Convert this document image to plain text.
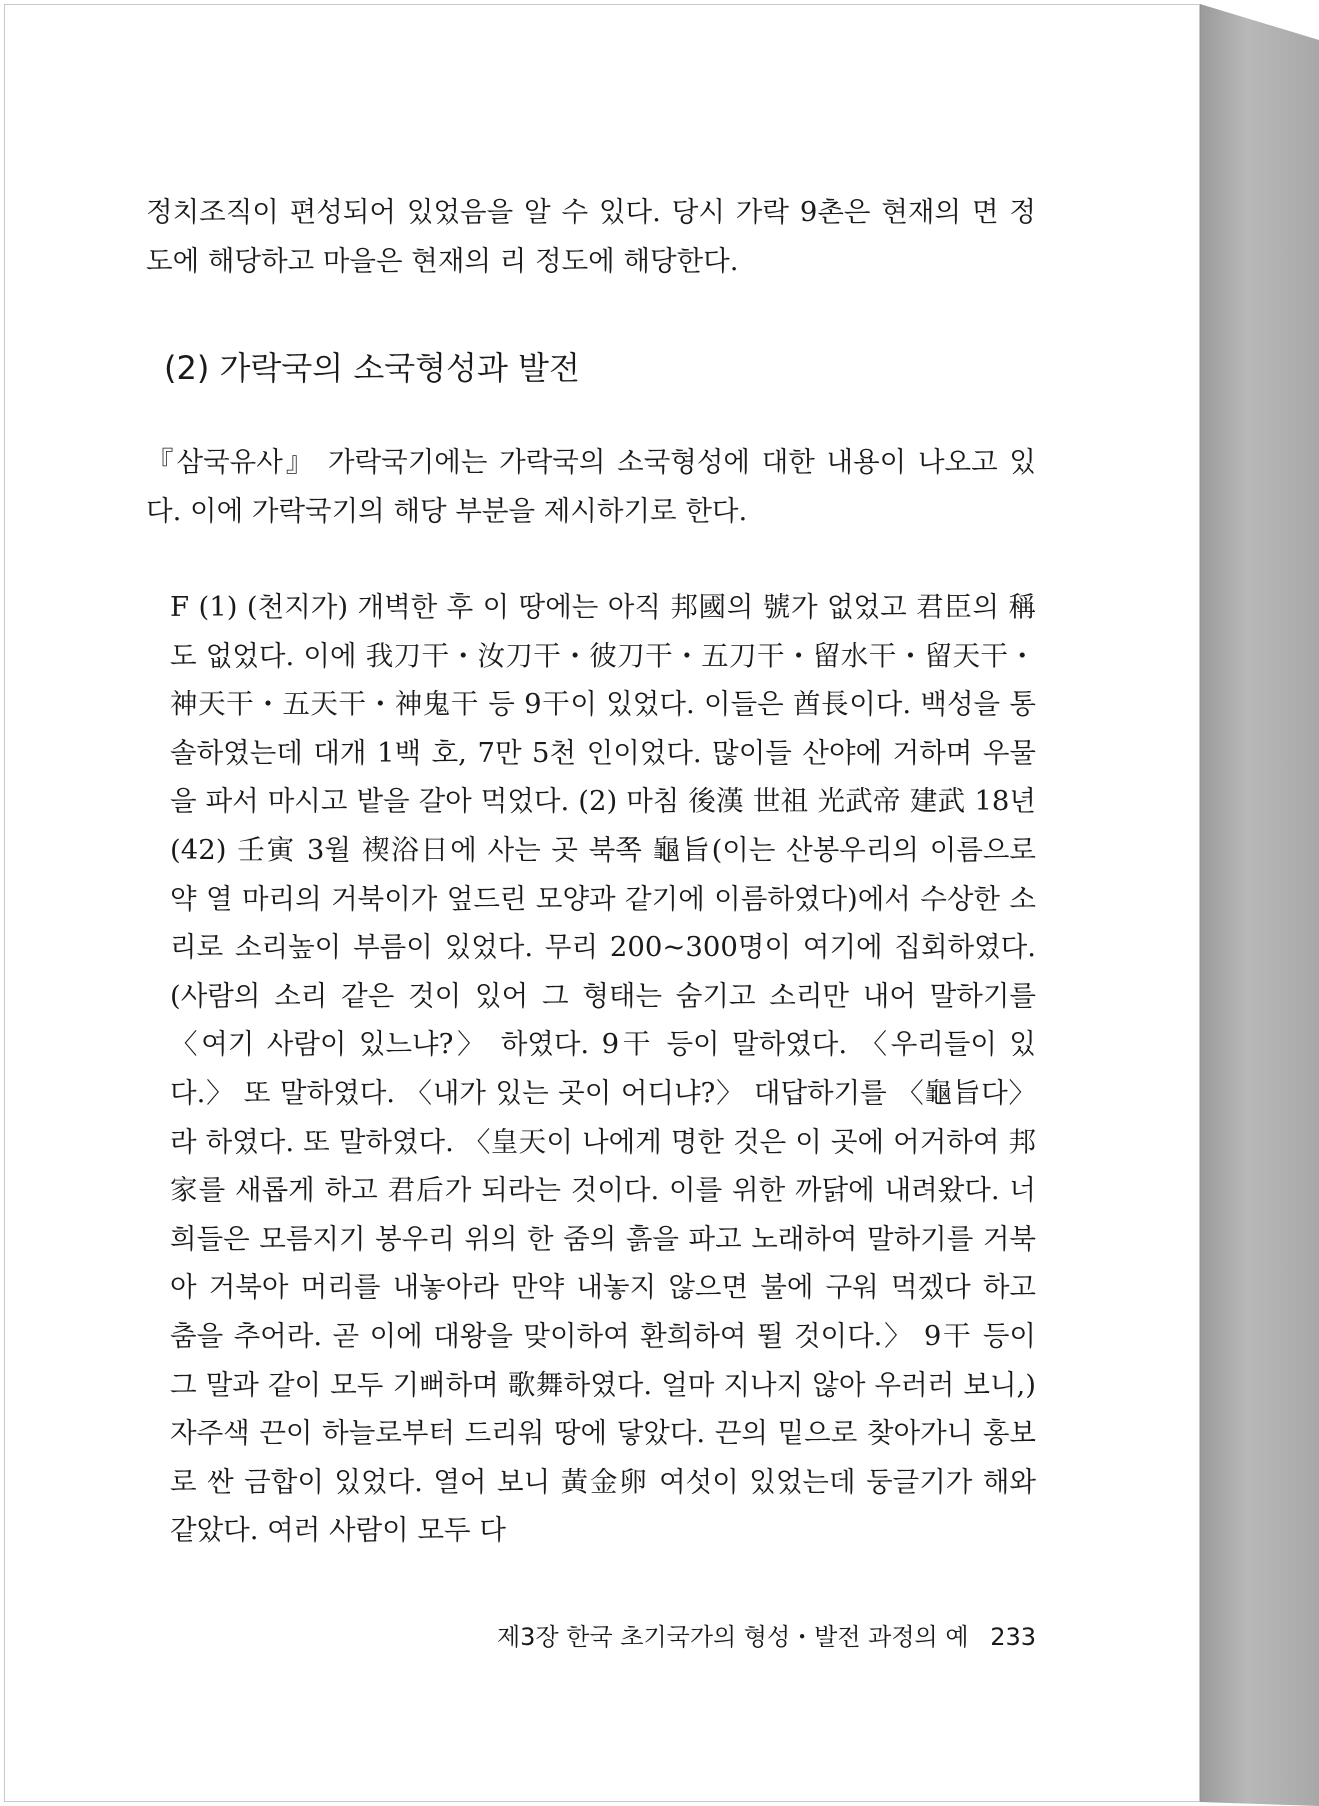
정치조직이 편성되어 있었음을 알 수 있다. 당시 가락 9촌은 현재의 면 정도에 해당하고 마을은 현재의 리 정도에 해당한다.

(2) 가락국의 소국형성과 발전

『삼국유사』 가락국기에는 가락국의 소국형성에 대한 내용이 나오고 있다. 이에 가락국기의 해당 부분을 제시하기로 한다.

F (1) (천지가) 개벽한 후 이 땅에는 아직 邦國의 號가 없었고 君臣의 稱도 없었다. 이에 我刀干・汝刀干・彼刀干・五刀干・留水干・留天干・神天干・五天干・神鬼干 등 9干이 있었다. 이들은 酋長이다. 백성을 통솔하였는데 대개 1백 호, 7만 5천 인이었다. 많이들 산야에 거하며 우물을 파서 마시고 밭을 갈아 먹었다. (2) 마침 後漢 世祖 光武帝 建武 18년(42) 壬寅 3월 禊浴日에 사는 곳 북쪽 龜旨(이는 산봉우리의 이름으로 약 열 마리의 거북이가 엎드린 모양과 같기에 이름하였다)에서 수상한 소리로 소리높이 부름이 있었다. 무리 200~300명이 여기에 집회하였다. (사람의 소리 같은 것이 있어 그 형태는 숨기고 소리만 내어 말하기를 〈여기 사람이 있느냐?〉 하였다. 9干 등이 말하였다. 〈우리들이 있다.〉 또 말하였다. 〈내가 있는 곳이 어디냐?〉 대답하기를 〈龜旨다〉 라 하였다. 또 말하였다. 〈皇天이 나에게 명한 것은 이 곳에 어거하여 邦家를 새롭게 하고 君后가 되라는 것이다. 이를 위한 까닭에 내려왔다. 너희들은 모름지기 봉우리 위의 한 줌의 흙을 파고 노래하여 말하기를 거북아 거북아 머리를 내놓아라 만약 내놓지 않으면 불에 구워 먹겠다 하고 춤을 추어라. 곧 이에 대왕을 맞이하여 환희하여 뛸 것이다.〉 9干 등이 그 말과 같이 모두 기뻐하며 歌舞하였다. 얼마 지나지 않아 우러러 보니,) 자주색 끈이 하늘로부터 드리워 땅에 닿았다. 끈의 밑으로 찾아가니 홍보로 싼 금합이 있었다. 열어 보니 黃金卵 여섯이 있었는데 둥글기가 해와 같았다. 여러 사람이 모두 다
제3장 한국 초기국가의 형성・발전 과정의 예 233
